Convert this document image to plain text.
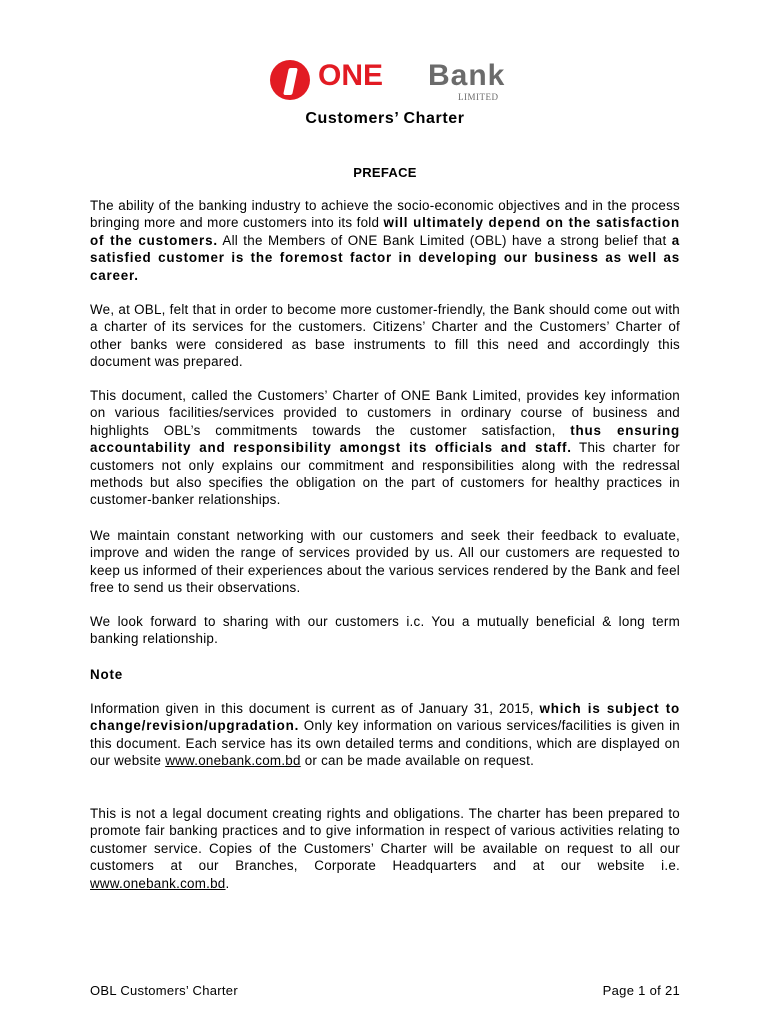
ONE Bank
LIMITED
Customers’ Charter
PREFACE

The ability of the banking industry to achieve the socio-economic objectives and in the process bringing more and more customers into its fold will ultimately depend on the satisfaction of the customers. All the Members of ONE Bank Limited (OBL) have a strong belief that a satisfied customer is the foremost factor in developing our business as well as career.

We, at OBL, felt that in order to become more customer-friendly, the Bank should come out with a charter of its services for the customers. Citizens’ Charter and the Customers’ Charter of other banks were considered as base instruments to fill this need and accordingly this document was prepared.

This document, called the Customers’ Charter of ONE Bank Limited, provides key information on various facilities/services provided to customers in ordinary course of business and highlights OBL’s commitments towards the customer satisfaction, thus ensuring accountability and responsibility amongst its officials and staff. This charter for customers not only explains our commitment and responsibilities along with the redressal methods but also specifies the obligation on the part of customers for healthy practices in customer-banker relationships.

We maintain constant networking with our customers and seek their feedback to evaluate, improve and widen the range of services provided by us. All our customers are requested to keep us informed of their experiences about the various services rendered by the Bank and feel free to send us their observations.

We look forward to sharing with our customers i.c. You a mutually beneficial & long term banking relationship.

Note

Information given in this document is current as of January 31, 2015, which is subject to change/revision/upgradation. Only key information on various services/facilities is given in this document. Each service has its own detailed terms and conditions, which are displayed on our website www.onebank.com.bd or can be made available on request.

This is not a legal document creating rights and obligations. The charter has been prepared to promote fair banking practices and to give information in respect of various activities relating to customer service. Copies of the Customers’ Charter will be available on request to all our customers at our Branches, Corporate Headquarters and at our website i.e. www.onebank.com.bd.

OBL Customers’ Charter	Page 1 of 21
